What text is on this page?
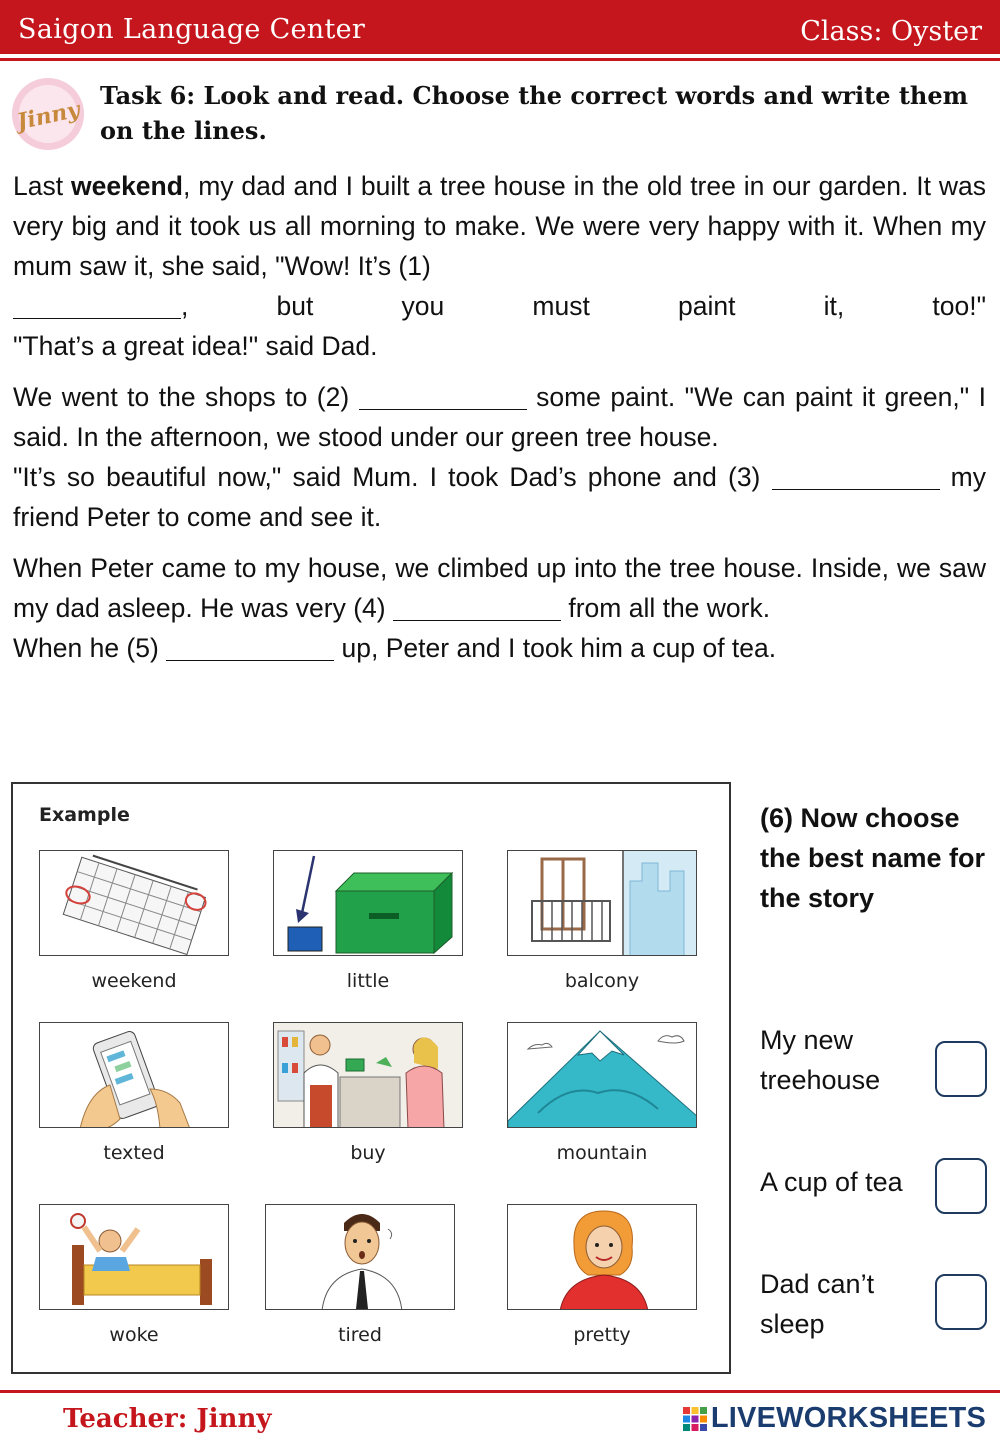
Saigon Language Center	Class: Oyster
Jinny
Task 6: Look and read. Choose the correct words and write them on the lines.

Last weekend, my dad and I built a tree house in the old tree in our garden. It was very big and it took us all morning to make. We were very happy with it. When my mum saw it, she said, "Wow! It’s (1)
, but you must paint it, too!"
"That’s a great idea!" said Dad.

We went to the shops to (2)	some paint. "We can paint it green," I said. In the afternoon, we stood under our green tree house.
"It’s so beautiful now," said Mum. I took Dad’s phone and (3)	my friend Peter to come and see it.

When Peter came to my house, we climbed up into the tree house. Inside, we saw my dad asleep. He was very (4)	from all the work.
When he (5)	up, Peter and I took him a cup of tea.

Example
weekend	little	balcony
texted	buy	mountain
woke	tired	pretty
(6) Now choose the best name for the story
My new treehouse
A cup of tea
Dad can’t sleep
Teacher: Jinny	LIVEWORKSHEETS
